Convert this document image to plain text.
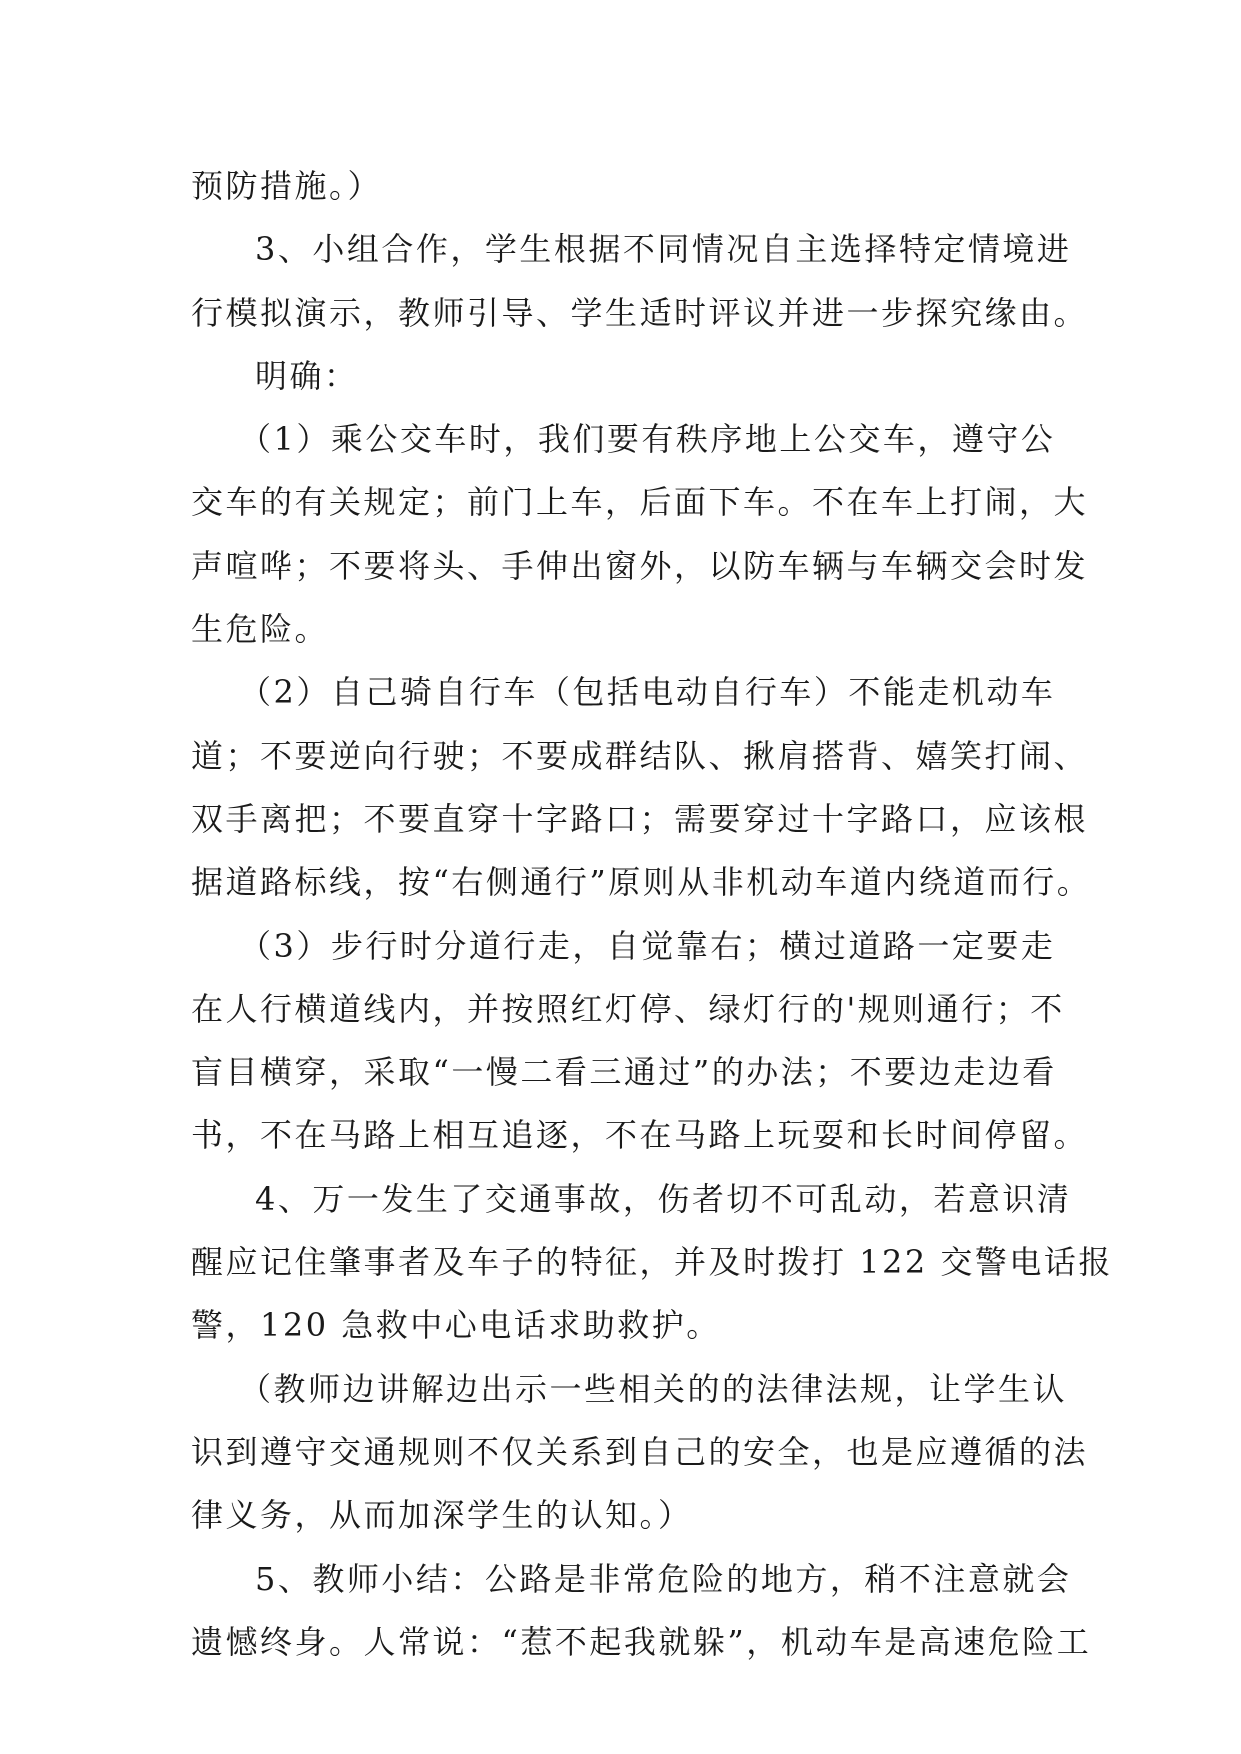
预防措施。）
3、小组合作，学生根据不同情况自主选择特定情境进
行模拟演示，教师引导、学生适时评议并进一步探究缘由。
明确：
（1）乘公交车时，我们要有秩序地上公交车，遵守公
交车的有关规定；前门上车，后面下车。不在车上打闹，大
声喧哗；不要将头、手伸出窗外，以防车辆与车辆交会时发
生危险。
（2）自己骑自行车（包括电动自行车）不能走机动车
道；不要逆向行驶；不要成群结队、揪肩搭背、嬉笑打闹、
双手离把；不要直穿十字路口；需要穿过十字路口，应该根
据道路标线，按“右侧通行”原则从非机动车道内绕道而行。
（3）步行时分道行走，自觉靠右；横过道路一定要走
在人行横道线内，并按照红灯停、绿灯行的'规则通行；不
盲目横穿，采取“一慢二看三通过”的办法；不要边走边看
书，不在马路上相互追逐，不在马路上玩耍和长时间停留。
4、万一发生了交通事故，伤者切不可乱动，若意识清
醒应记住肇事者及车子的特征，并及时拨打 122 交警电话报
警，120 急救中心电话求助救护。
（教师边讲解边出示一些相关的的法律法规，让学生认
识到遵守交通规则不仅关系到自己的安全，也是应遵循的法
律义务，从而加深学生的认知。）
5、教师小结：公路是非常危险的地方，稍不注意就会
遗憾终身。人常说：“惹不起我就躲”，机动车是高速危险工
